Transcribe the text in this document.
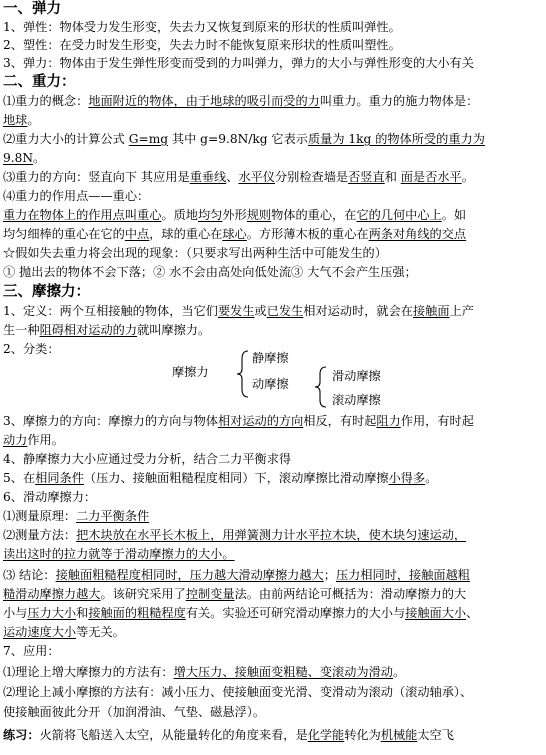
一、弹力
1、弹性：物体受力发生形变，失去力又恢复到原来的形状的性质叫弹性。
2、塑性：在受力时发生形变，失去力时不能恢复原来形状的性质叫塑性。
3、弹力：物体由于发生弹性形变而受到的力叫弹力，弹力的大小与弹性形变的大小有关
二、重力：
⑴重力的概念：地面附近的物体，由于地球的吸引而受的力叫重力。重力的施力物体是：
地球。
⑵重力大小的计算公式 G=mg 其中 g=9.8N/kg 它表示质量为 1kg 的物体所受的重力为
9.8N。
⑶重力的方向：竖直向下 其应用是重垂线、水平仪分别检查墙是否竖直和 面是否水平。
⑷重力的作用点——重心：
重力在物体上的作用点叫重心。质地均匀外形规则物体的重心，在它的几何中心上。如
均匀细棒的重心在它的中点，球的重心在球心。方形薄木板的重心在两条对角线的交点
☆假如失去重力将会出现的现象：（只要求写出两种生活中可能发生的）
① 抛出去的物体不会下落；② 水不会由高处向低处流③ 大气不会产生压强；
三、摩擦力：
1、定义：两个互相接触的物体，当它们要发生或已发生相对运动时，就会在接触面上产
生一种阻碍相对运动的力就叫摩擦力。
2、分类：
3、摩擦力的方向：摩擦力的方向与物体相对运动的方向相反，有时起阻力作用，有时起
动力作用。
4、静摩擦力大小应通过受力分析，结合二力平衡求得
5、在相同条件（压力、接触面粗糙程度相同）下，滚动摩擦比滑动摩擦小得多。
6、滑动摩擦力：
⑴测量原理：二力平衡条件
⑵测量方法：把木块放在水平长木板上，用弹簧测力计水平拉木块，使木块匀速运动，
读出这时的拉力就等于滑动摩擦力的大小。
⑶ 结论：接触面粗糙程度相同时，压力越大滑动摩擦力越大；压力相同时，接触面越粗
糙滑动摩擦力越大。该研究采用了控制变量法。由前两结论可概括为：滑动摩擦力的大
小与压力大小和接触面的粗糙程度有关。实验还可研究滑动摩擦力的大小与接触面大小、
运动速度大小等无关。
7、应用：
⑴理论上增大摩擦力的方法有：增大压力、接触面变粗糙、变滚动为滑动。
⑵理论上减小摩擦的方法有：减小压力、使接触面变光滑、变滑动为滚动（滚动轴承）、
使接触面彼此分开（加润滑油、气垫、磁悬浮）。
练习：火箭将飞船送入太空，从能量转化的角度来看，是化学能转化为机械能太空飞
摩擦力
静摩擦
动摩擦
滑动摩擦
滚动摩擦
